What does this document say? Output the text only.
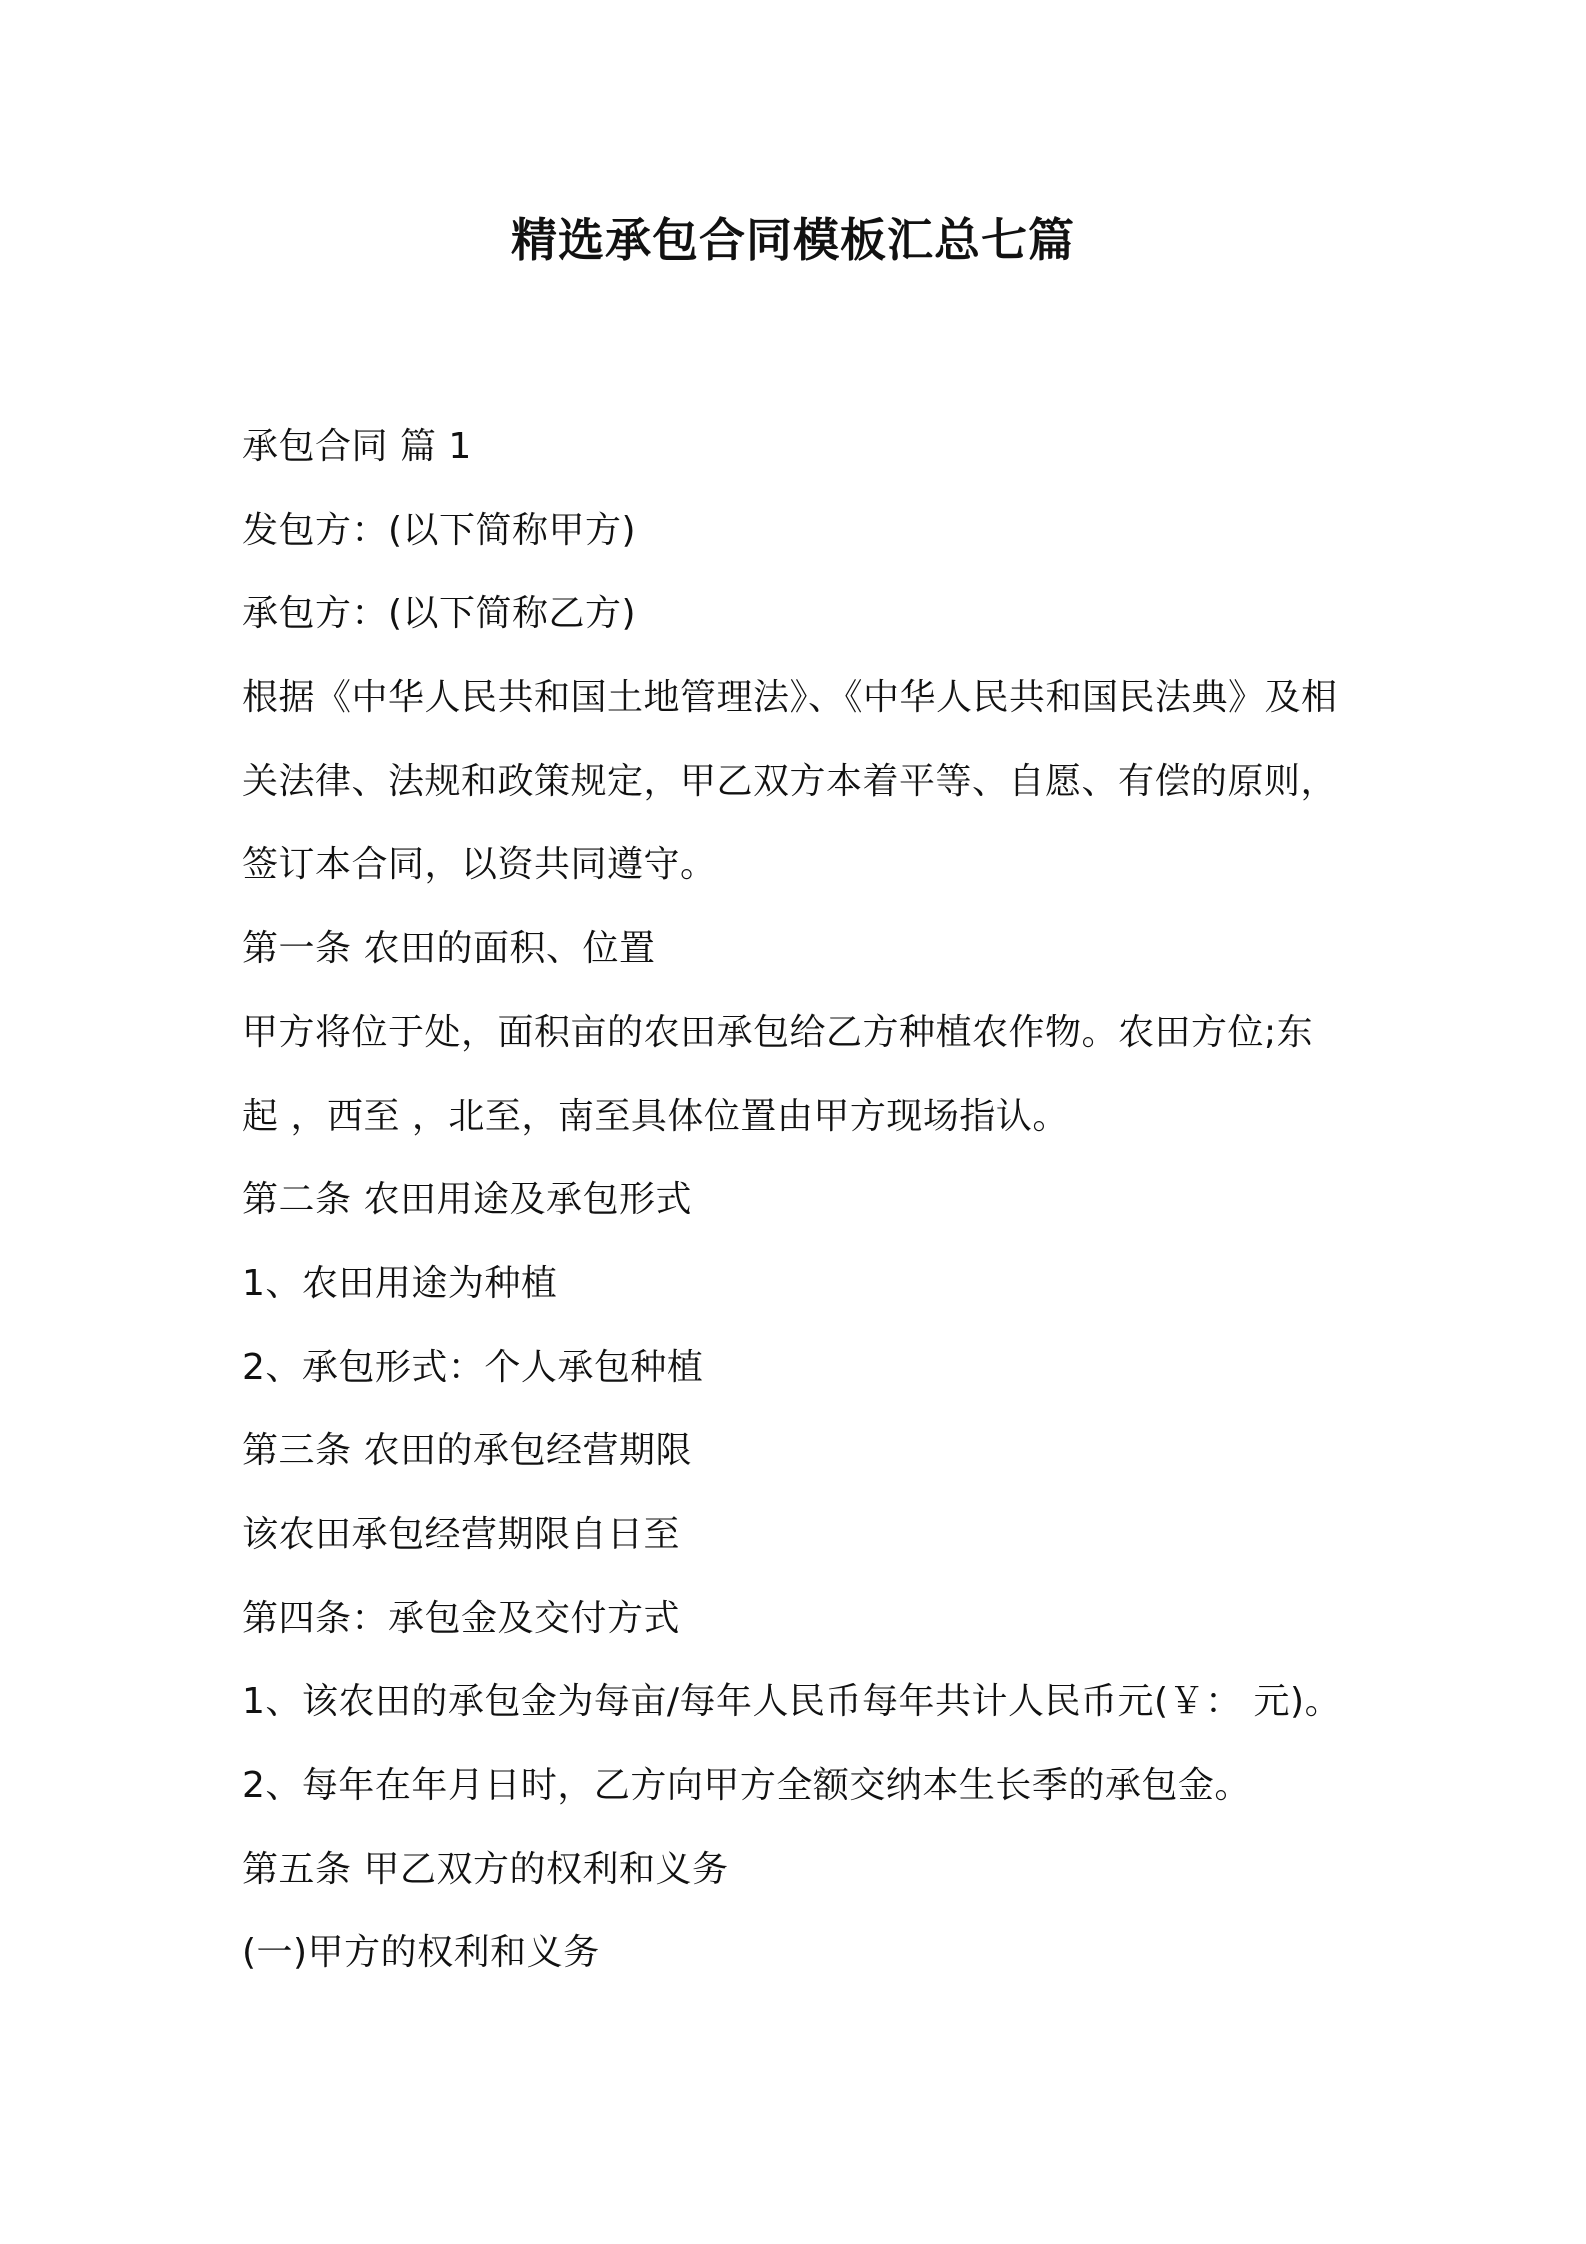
精选承包合同模板汇总七篇
承包合同 篇 1
发包方：(以下简称甲方)
承包方：(以下简称乙方)
根据《中华人民共和国土地管理法》、《中华人民共和国民法典》及相
关法律、法规和政策规定，甲乙双方本着平等、自愿、有偿的原则，
签订本合同，以资共同遵守。
第一条 农田的面积、位置
甲方将位于处，面积亩的农田承包给乙方种植农作物。农田方位;东
起 ，西至 ，北至，南至具体位置由甲方现场指认。
第二条 农田用途及承包形式
1、农田用途为种植
2、承包形式：个人承包种植
第三条 农田的承包经营期限
该农田承包经营期限自日至
第四条：承包金及交付方式
1、该农田的承包金为每亩/每年人民币每年共计人民币元(￥： 元)。
2、每年在年月日时，乙方向甲方全额交纳本生长季的承包金。
第五条 甲乙双方的权利和义务
(一)甲方的权利和义务
